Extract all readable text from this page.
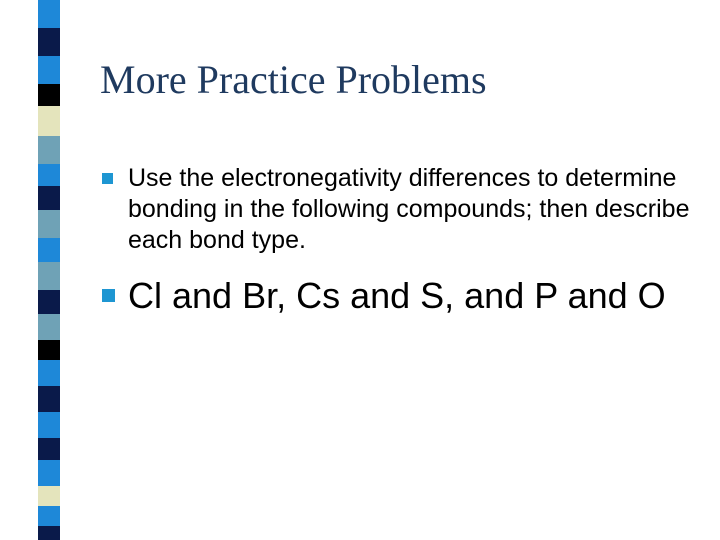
More Practice Problems
Use the electronegativity differences to determine bonding in the following compounds; then describe each bond type.
Cl and Br, Cs and S, and P and O
